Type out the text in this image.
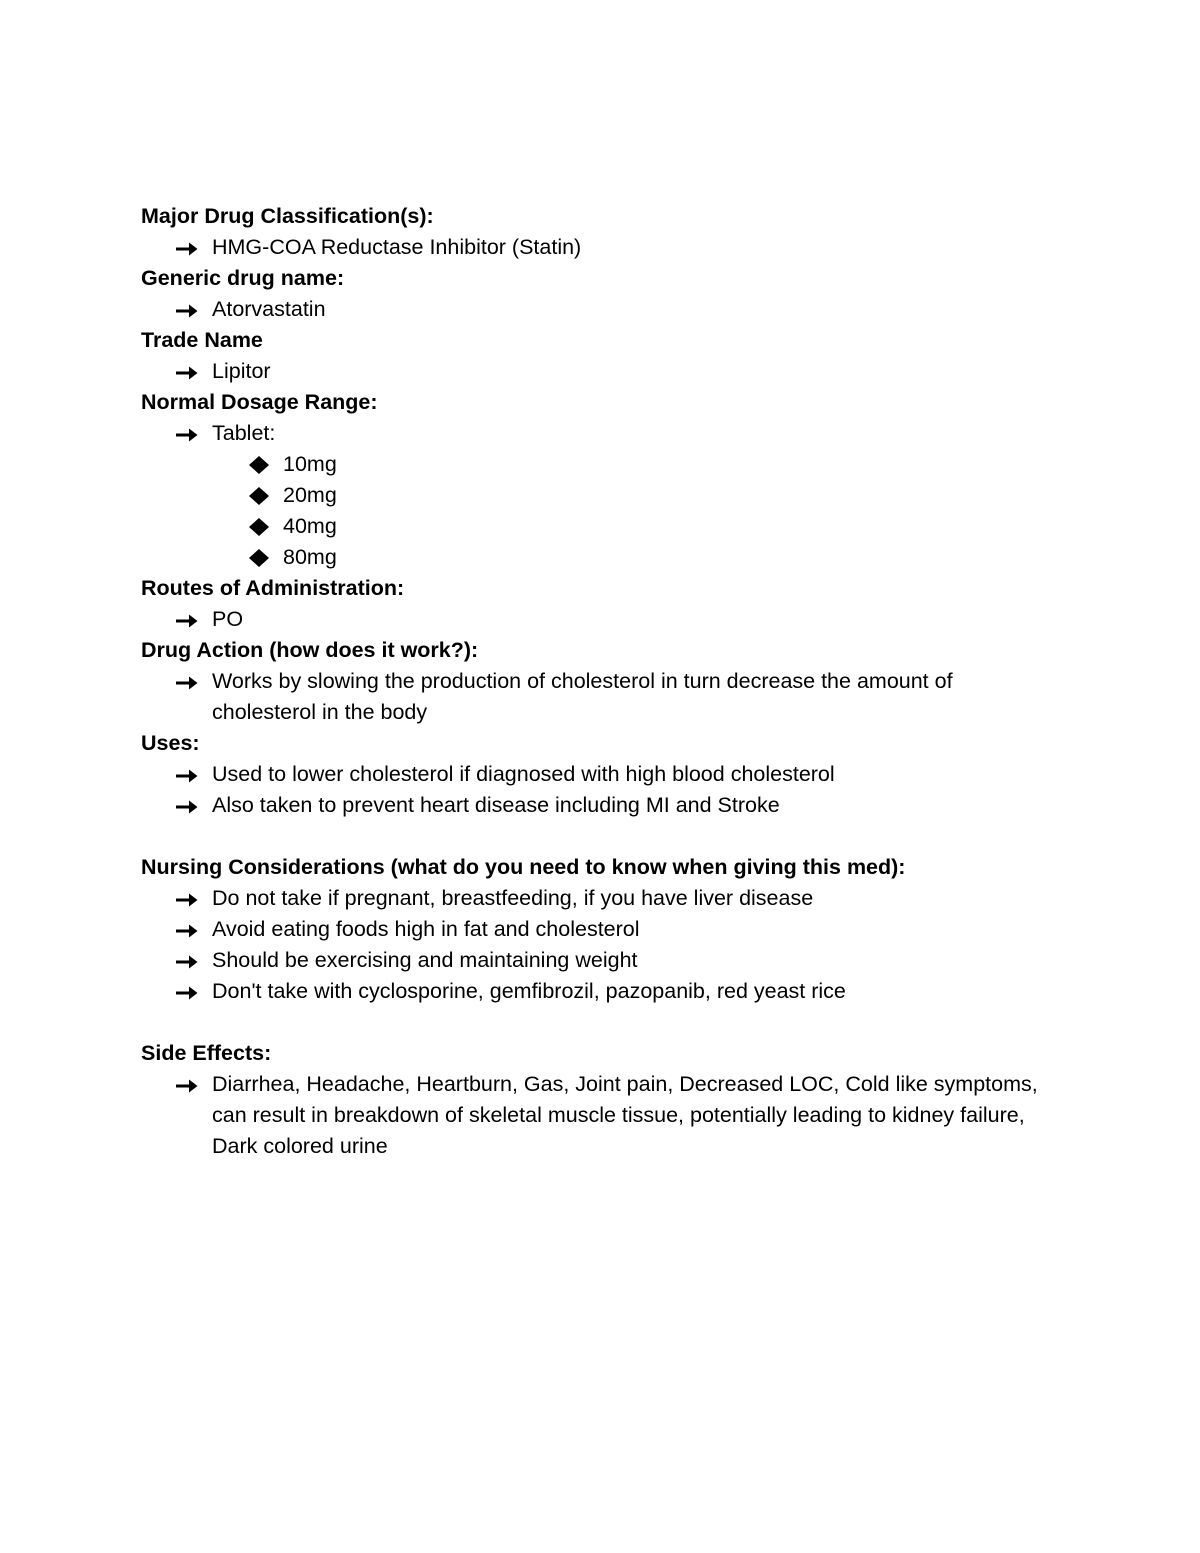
Major Drug Classification(s):
HMG-COA Reductase Inhibitor (Statin)
Generic drug name:
Atorvastatin
Trade Name
Lipitor
Normal Dosage Range:
Tablet:
10mg
20mg
40mg
80mg
Routes of Administration:
PO
Drug Action (how does it work?):
Works by slowing the production of cholesterol in turn decrease the amount of cholesterol in the body
Uses:
Used to lower cholesterol if diagnosed with high blood cholesterol
Also taken to prevent heart disease including MI and Stroke
Nursing Considerations (what do you need to know when giving this med):
Do not take if pregnant, breastfeeding, if you have liver disease
Avoid eating foods high in fat and cholesterol
Should be exercising and maintaining weight
Don't take with cyclosporine, gemfibrozil, pazopanib, red yeast rice
Side Effects:
Diarrhea, Headache, Heartburn, Gas, Joint pain, Decreased LOC, Cold like symptoms, can result in breakdown of skeletal muscle tissue, potentially leading to kidney failure, Dark colored urine
